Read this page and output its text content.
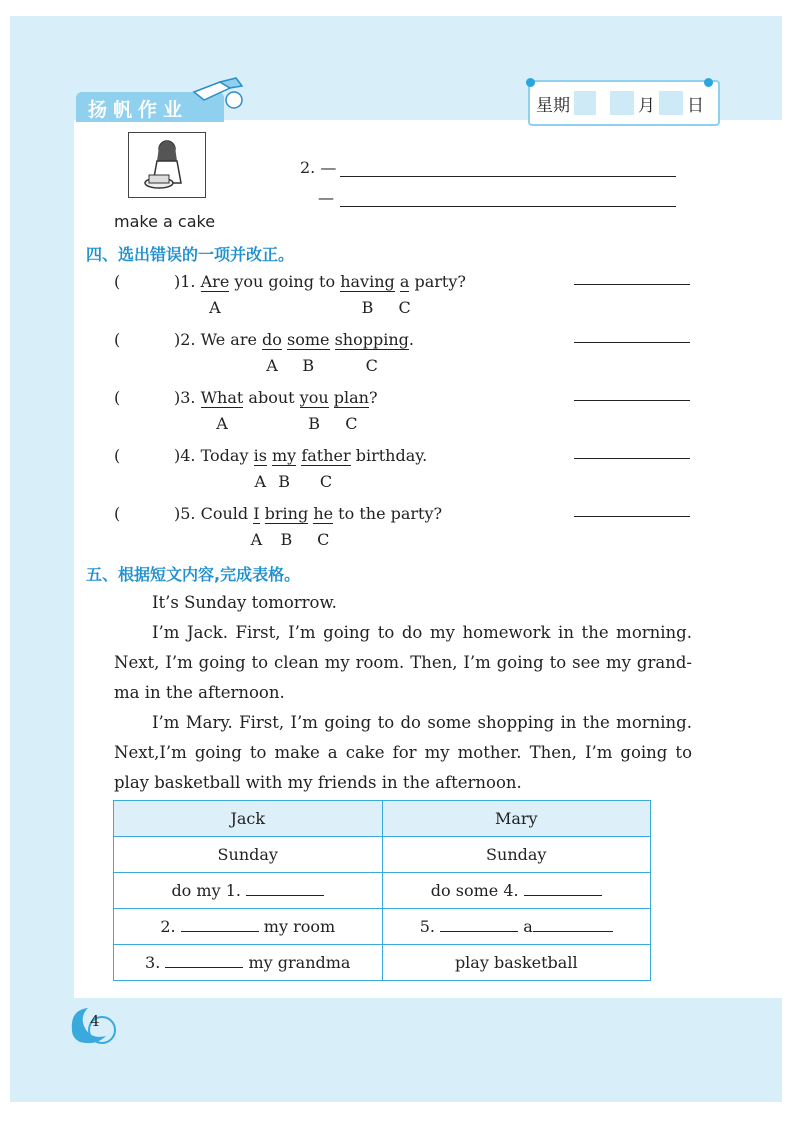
扬帆作业	星期	月 日
make a cake
2. —
—
四、选出错误的一项并改正。
(	)1. Are
A
you going to having
B
a
C
party?
(	)2. We are do
A
some
B
shopping
C
.
(	)3. What
A
about you
B
plan
C
?
(	)4. Today is
A
my
B
father
C
birthday.
(	)5. Could I
A
bring
B
he
C
to the party?
五、根据短文内容,完成表格。
It’s Sunday tomorrow.
I’m Jack. First, I’m going to do my homework in the morning. Next, I’m going to clean my room. Then, I’m going to see my grand-ma in the afternoon.
I’m Mary. First, I’m going to do some shopping in the morning. Next,I’m going to make a cake for my mother. Then, I’m going to play basketball with my friends in the afternoon.
Jack	Mary
Sunday	Sunday
do my 1.	do some 4.
2. my room	5. a
3. my grandma	play basketball
4
